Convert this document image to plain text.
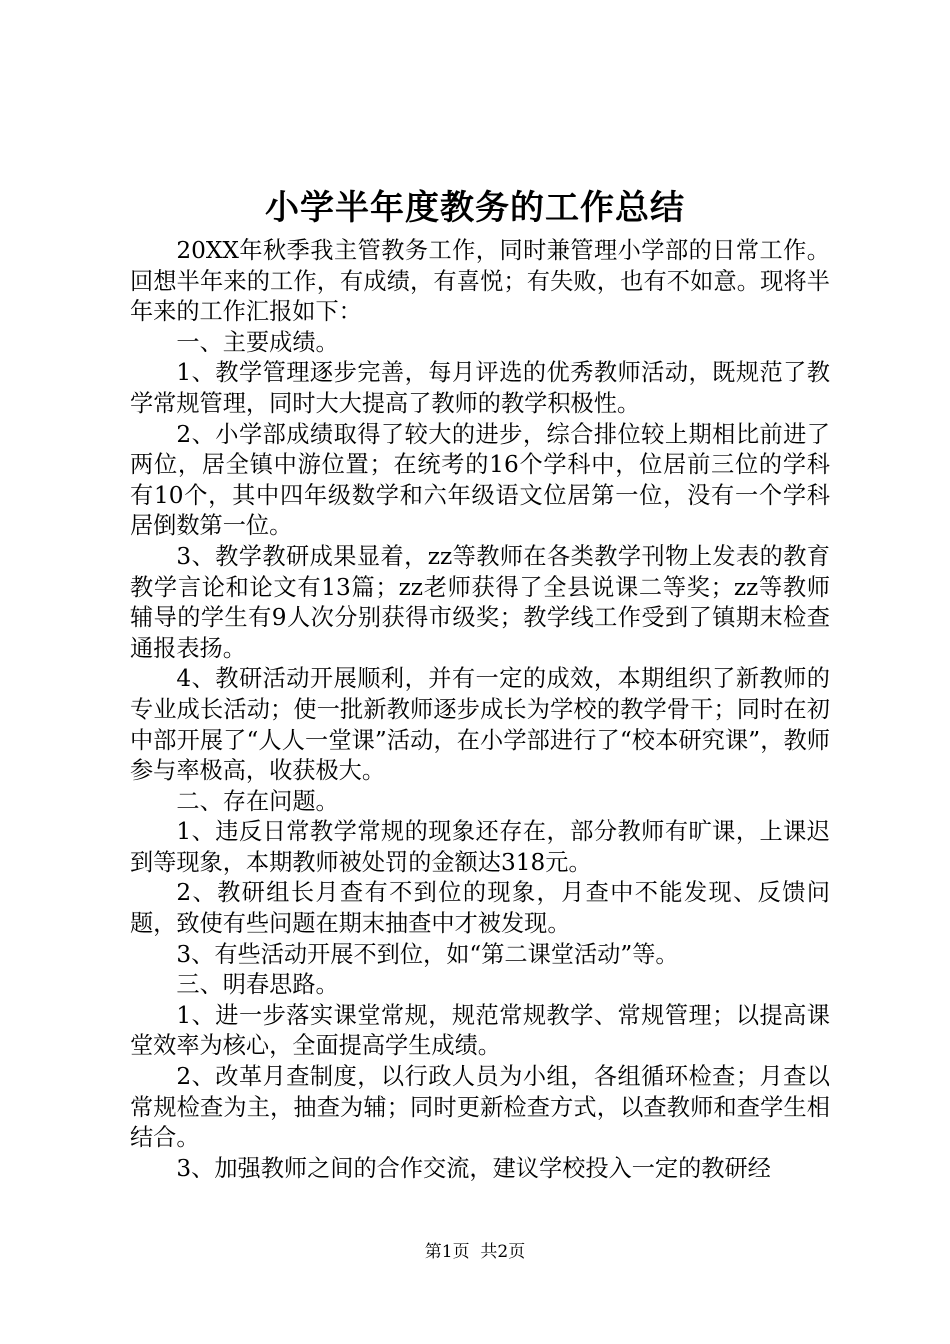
小学半年度教务的工作总结

20XX年秋季我主管教务工作，同时兼管理小学部的日常工作。回想半年来的工作，有成绩，有喜悦；有失败，也有不如意。现将半年来的工作汇报如下：

一、主要成绩。

1、教学管理逐步完善，每月评选的优秀教师活动，既规范了教学常规管理，同时大大提高了教师的教学积极性。

2、小学部成绩取得了较大的进步，综合排位较上期相比前进了两位，居全镇中游位置；在统考的16个学科中，位居前三位的学科有10个，其中四年级数学和六年级语文位居第一位，没有一个学科居倒数第一位。

3、教学教研成果显着，zz等教师在各类教学刊物上发表的教育教学言论和论文有13篇；zz老师获得了全县说课二等奖；zz等教师辅导的学生有9人次分别获得市级奖；教学线工作受到了镇期末检查通报表扬。

4、教研活动开展顺利，并有一定的成效，本期组织了新教师的专业成长活动；使一批新教师逐步成长为学校的教学骨干；同时在初中部开展了“人人一堂课”活动，在小学部进行了“校本研究课”，教师参与率极高，收获极大。

二、存在问题。

1、违反日常教学常规的现象还存在，部分教师有旷课，上课迟到等现象，本期教师被处罚的金额达318元。

2、教研组长月查有不到位的现象，月查中不能发现、反馈问题，致使有些问题在期末抽查中才被发现。

3、有些活动开展不到位，如“第二课堂活动”等。

三、明春思路。

1、进一步落实课堂常规，规范常规教学、常规管理；以提高课堂效率为核心，全面提高学生成绩。

2、改革月查制度，以行政人员为小组，各组循环检查；月查以常规检查为主，抽查为辅；同时更新检查方式，以查教师和查学生相结合。

3、加强教师之间的合作交流，建议学校投入一定的教研经

第1页  共2页
